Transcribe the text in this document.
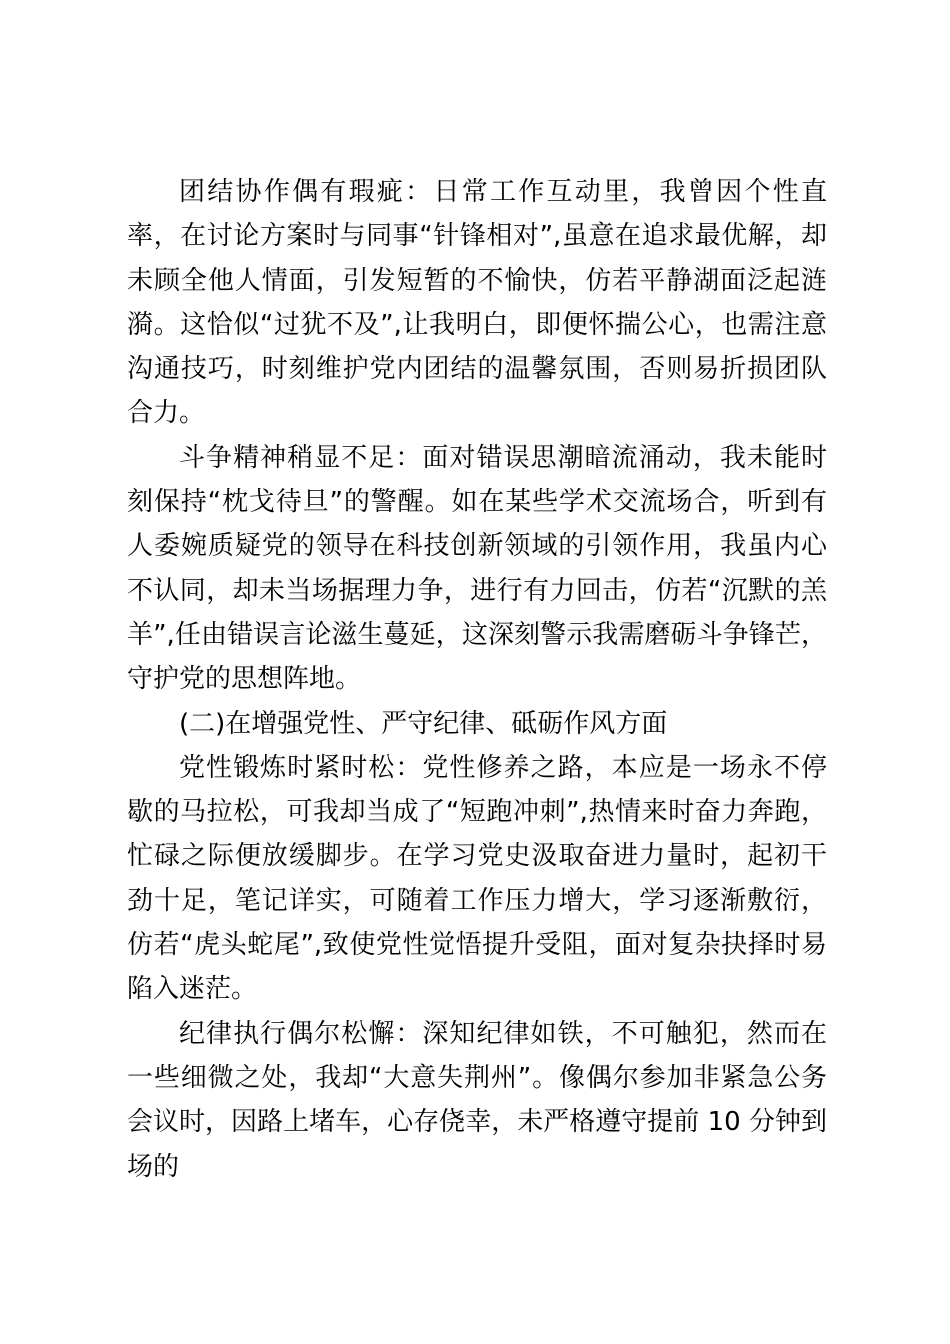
团结协作偶有瑕疵：日常工作互动里，我曾因个性直率，在讨论方案时与同事“针锋相对”,虽意在追求最优解，却未顾全他人情面，引发短暂的不愉快，仿若平静湖面泛起涟漪。这恰似“过犹不及”,让我明白，即便怀揣公心，也需注意沟通技巧，时刻维护党内团结的温馨氛围，否则易折损团队合力。

斗争精神稍显不足：面对错误思潮暗流涌动，我未能时刻保持“枕戈待旦”的警醒。如在某些学术交流场合，听到有人委婉质疑党的领导在科技创新领域的引领作用，我虽内心不认同，却未当场据理力争，进行有力回击，仿若“沉默的羔羊”,任由错误言论滋生蔓延，这深刻警示我需磨砺斗争锋芒，守护党的思想阵地。

(二)在增强党性、严守纪律、砥砺作风方面

党性锻炼时紧时松：党性修养之路，本应是一场永不停歇的马拉松，可我却当成了“短跑冲刺”,热情来时奋力奔跑，忙碌之际便放缓脚步。在学习党史汲取奋进力量时，起初干劲十足，笔记详实，可随着工作压力增大，学习逐渐敷衍，仿若“虎头蛇尾”,致使党性觉悟提升受阻，面对复杂抉择时易陷入迷茫。

纪律执行偶尔松懈：深知纪律如铁，不可触犯，然而在一些细微之处，我却“大意失荆州”。像偶尔参加非紧急公务会议时，因路上堵车，心存侥幸，未严格遵守提前 10 分钟到场的
